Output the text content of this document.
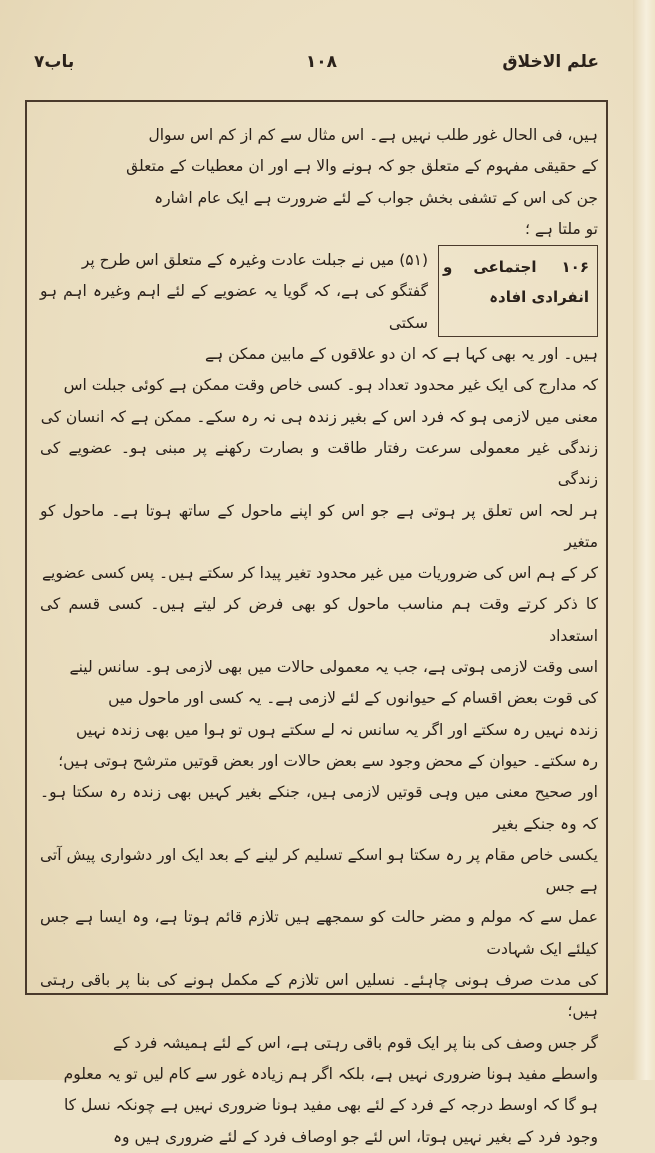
علم الاخلاق
۱۰۸
باب۷

ہیں، فی الحال غور طلب نہیں ہے۔ اس مثال سے کم از کم اس سوال

کے حقیقی مفہوم کے متعلق جو کہ ہونے والا ہے اور ان معطیات کے متعلق

جن کی اس کے تشفی بخش جواب کے لئے ضرورت ہے ایک عام اشارہ

تو ملتا ہے ؛

۱۰۶ اجتماعی و انفرادی افادہ

(۵۱) میں نے جبلت عادت وغیرہ کے متعلق اس طرح پر

گفتگو کی ہے، کہ گویا یہ عضویے کے لئے اہم وغیرہ اہم ہو سکتی

ہیں۔ اور یہ بھی کہا ہے کہ ان دو علاقوں کے مابین ممکن ہے

کہ مدارج کی ایک غیر محدود تعداد ہو۔ کسی خاص وقت ممکن ہے کوئی جبلت اس

معنی میں لازمی ہو کہ فرد اس کے بغیر زندہ ہی نہ رہ سکے۔ ممکن ہے کہ انسان کی

زندگی غیر معمولی سرعت رفتار طاقت و بصارت رکھنے پر مبنی ہو۔ عضویے کی زندگی

ہر لحہ اس تعلق پر ہوتی ہے جو اس کو اپنے ماحول کے ساتھ ہوتا ہے۔ ماحول کو متغیر

کر کے ہم اس کی ضروریات میں غیر محدود تغیر پیدا کر سکتے ہیں۔ پس کسی عضویے

کا ذکر کرتے وقت ہم مناسب ماحول کو بھی فرض کر لیتے ہیں۔ کسی قسم کی استعداد

اسی وقت لازمی ہوتی ہے، جب یہ معمولی حالات میں بھی لازمی ہو۔ سانس لینے

کی قوت بعض اقسام کے حیوانوں کے لئے لازمی ہے۔ یہ کسی اور ماحول میں

زندہ نہیں رہ سکتے اور اگر یہ سانس نہ لے سکتے ہوں تو ہوا میں بھی زندہ نہیں

رہ سکتے۔ حیوان کے محض وجود سے بعض حالات اور بعض قوتیں مترشح ہوتی ہیں؛

اور صحیح معنی میں وہی قوتیں لازمی ہیں، جنکے بغیر کہیں بھی زندہ رہ سکتا ہو۔ کہ وہ جنکے بغیر

یکسی خاص مقام پر رہ سکتا ہو اسکے تسلیم کر لینے کے بعد ایک اور دشواری پیش آتی ہے جس

عمل سے کہ مولم و مضر حالت کو سمجھے ہیں تلازم قائم ہوتا ہے، وہ ایسا ہے جس کیلئے ایک شہادت

کی مدت صرف ہونی چاہئے۔ نسلیں اس تلازم کے مکمل ہونے کی بنا پر باقی رہتی ہیں؛

گر جس وصف کی بنا پر ایک قوم باقی رہتی ہے، اس کے لئے ہمیشہ فرد کے

واسطے مفید ہونا ضروری نہیں ہے، بلکہ اگر ہم زیادہ غور سے کام لیں تو یہ معلوم

ہو گا کہ اوسط درجہ کے فرد کے لئے بھی مفید ہونا ضروری نہیں ہے چونکہ نسل کا

وجود فرد کے بغیر نہیں ہوتا، اس لئے جو اوصاف فرد کے لئے ضروری ہیں وہ
